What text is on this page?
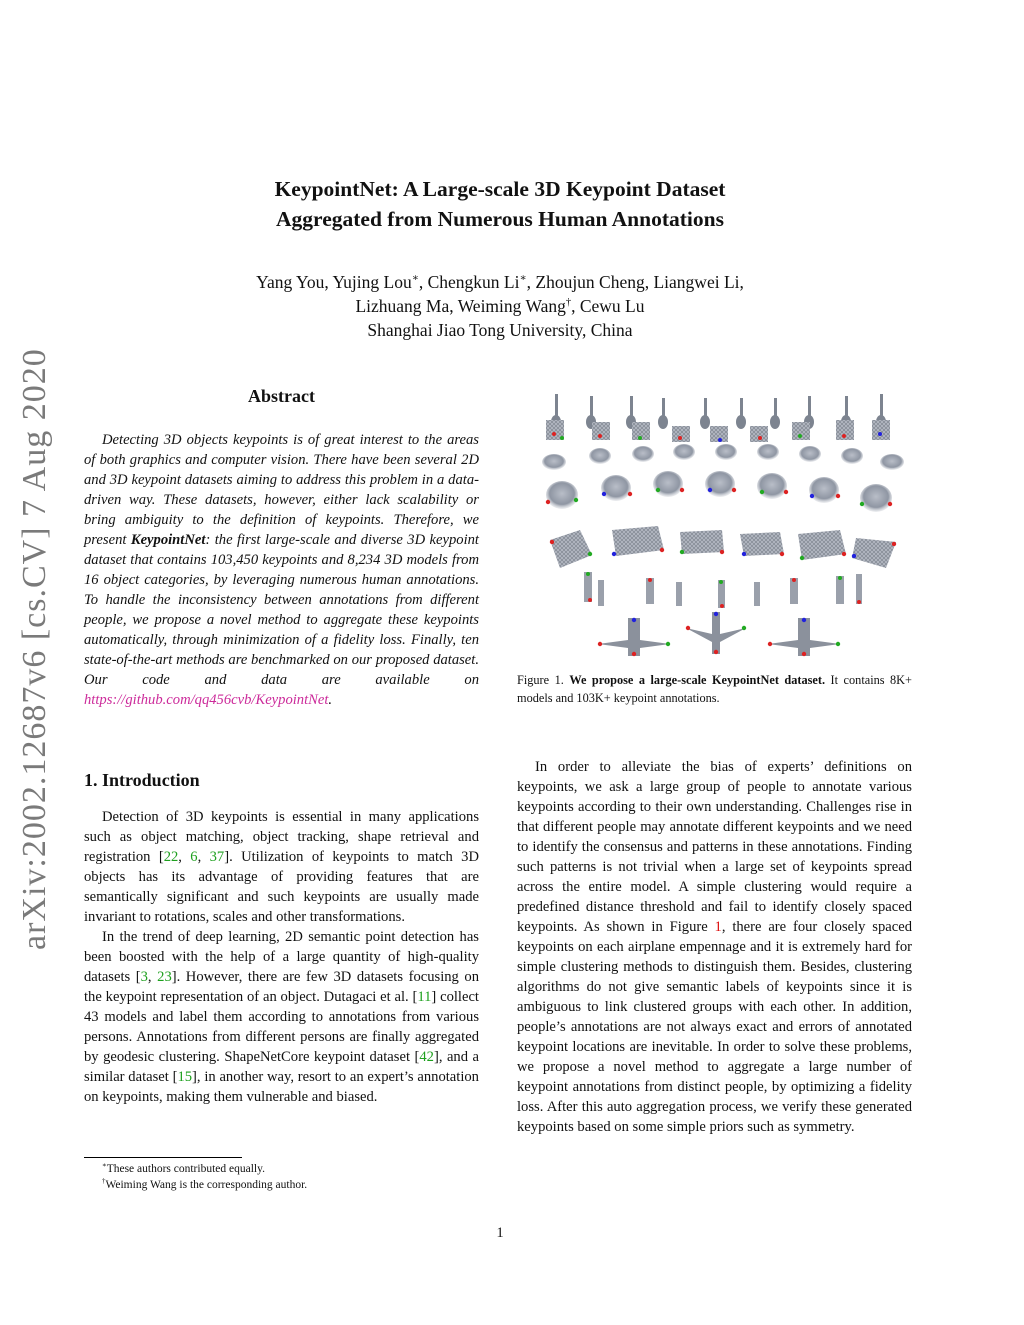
arXiv:2002.12687v6 [cs.CV] 7 Aug 2020
KeypointNet: A Large-scale 3D Keypoint Dataset
Aggregated from Numerous Human Annotations
Yang You, Yujing Lou∗, Chengkun Li∗, Zhoujun Cheng, Liangwei Li,
Lizhuang Ma, Weiming Wang†, Cewu Lu
Shanghai Jiao Tong University, China
Abstract
Detecting 3D objects keypoints is of great interest to the areas of both graphics and computer vision. There have been several 2D and 3D keypoint datasets aiming to address this problem in a data-driven way. These datasets, however, either lack scalability or bring ambiguity to the definition of keypoints. Therefore, we present KeypointNet: the first large-scale and diverse 3D keypoint dataset that contains 103,450 keypoints and 8,234 3D models from 16 object categories, by leveraging numerous human annotations. To handle the inconsistency between annotations from different people, we propose a novel method to aggregate these keypoints automatically, through minimization of a fidelity loss. Finally, ten state-of-the-art methods are benchmarked on our proposed dataset. Our code and data are available on https://github.com/qq456cvb/KeypointNet.
1. Introduction

Detection of 3D keypoints is essential in many applications such as object matching, object tracking, shape retrieval and registration [22, 6, 37]. Utilization of keypoints to match 3D objects has its advantage of providing features that are semantically significant and such keypoints are usually made invariant to rotations, scales and other transformations.

In the trend of deep learning, 2D semantic point detection has been boosted with the help of a large quantity of high-quality datasets [3, 23]. However, there are few 3D datasets focusing on the keypoint representation of an object. Dutagaci et al. [11] collect 43 models and label them according to annotations from various persons. Annotations from different persons are finally aggregated by geodesic clustering. ShapeNetCore keypoint dataset [42], and a similar dataset [15], in another way, resort to an expert’s annotation on keypoints, making them vulnerable and biased.

∗These authors contributed equally.
†Weiming Wang is the corresponding author.
Figure 1. We propose a large-scale KeypointNet dataset. It contains 8K+ models and 103K+ keypoint annotations.

In order to alleviate the bias of experts’ definitions on keypoints, we ask a large group of people to annotate various keypoints according to their own understanding. Challenges rise in that different people may annotate different keypoints and we need to identify the consensus and patterns in these annotations. Finding such patterns is not trivial when a large set of keypoints spread across the entire model. A simple clustering would require a predefined distance threshold and fail to identify closely spaced keypoints. As shown in Figure 1, there are four closely spaced keypoints on each airplane empennage and it is extremely hard for simple clustering methods to distinguish them. Besides, clustering algorithms do not give semantic labels of keypoints since it is ambiguous to link clustered groups with each other. In addition, people’s annotations are not always exact and errors of annotated keypoint locations are inevitable. In order to solve these problems, we propose a novel method to aggregate a large number of keypoint annotations from distinct people, by optimizing a fidelity loss. After this auto aggregation process, we verify these generated keypoints based on some simple priors such as symmetry.

1
